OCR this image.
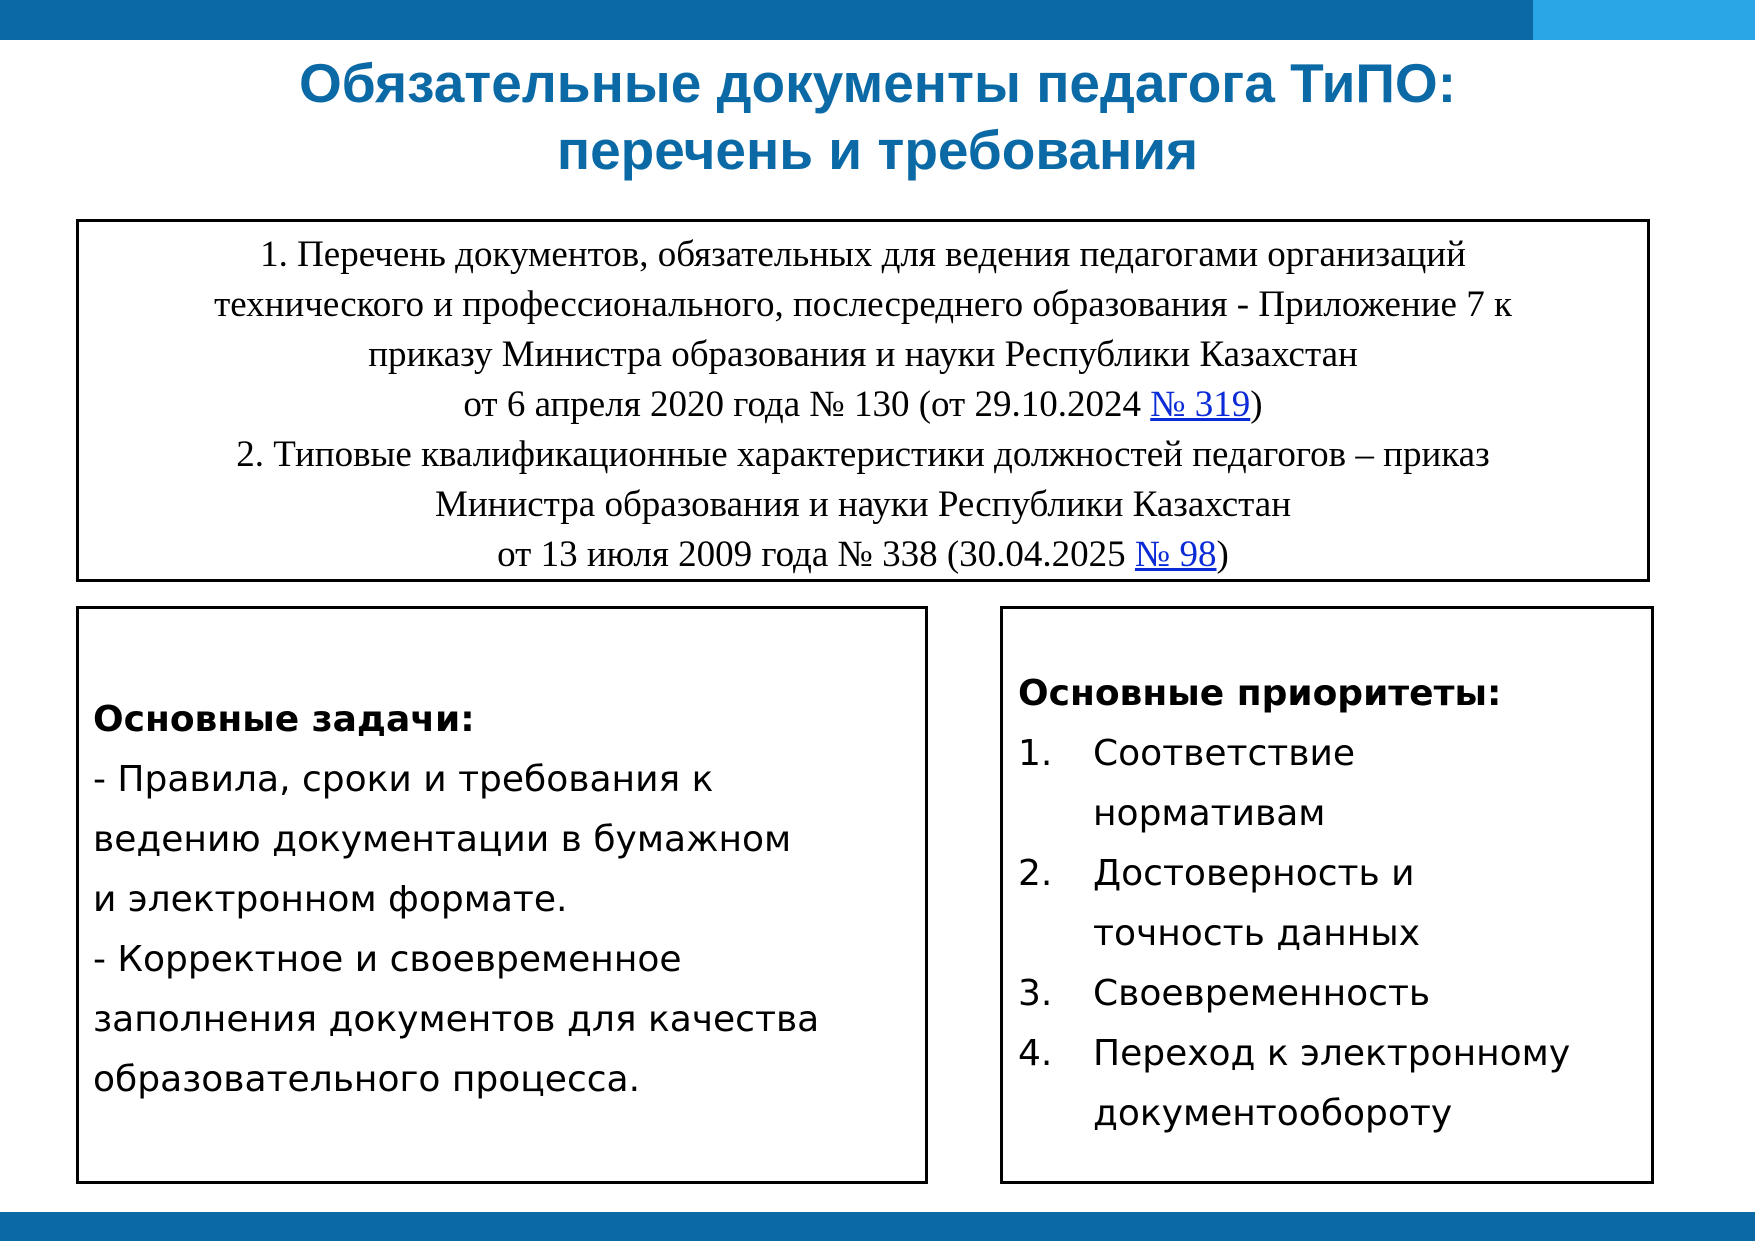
Обязательные документы педагога ТиПО:
перечень и требования
1. Перечень документов, обязательных для ведения педагогами организаций
технического и профессионального, послесреднего образования - Приложение 7 к
приказу Министра образования и науки Республики Казахстан
от 6 апреля 2020 года № 130 (от 29.10.2024 № 319)
2. Типовые квалификационные характеристики должностей педагогов – приказ
Министра образования и науки Республики Казахстан
от 13 июля 2009 года № 338 (30.04.2025 № 98)
Основные задачи:
- Правила, сроки и требования к
ведению документации в бумажном
и электронном формате.
- Корректное и своевременное
заполнения документов для качества
образовательного процесса.
Основные приоритеты:
1. Соответствие
нормативам
2. Достоверность и
точность данных
3. Своевременность
4. Переход к электронному
документообороту
